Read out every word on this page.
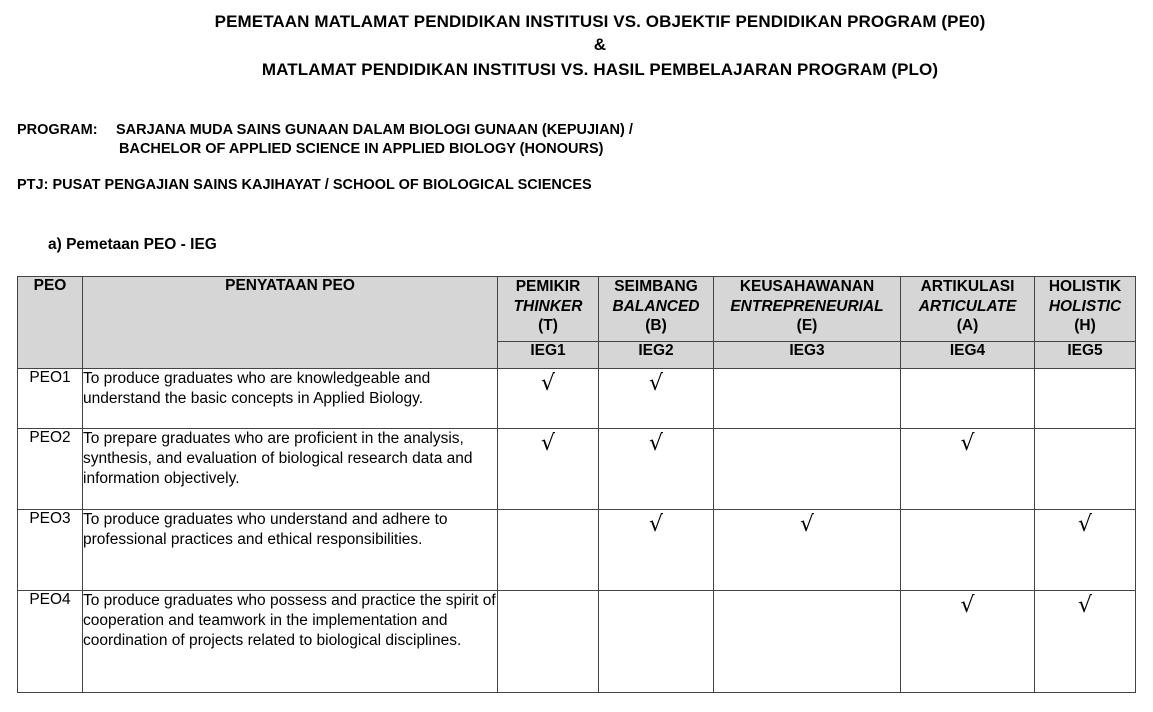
PEMETAAN MATLAMAT PENDIDIKAN INSTITUSI VS. OBJEKTIF PENDIDIKAN PROGRAM (PE0)
&
MATLAMAT PENDIDIKAN INSTITUSI VS. HASIL PEMBELAJARAN PROGRAM (PLO)
PROGRAM: SARJANA MUDA SAINS GUNAAN DALAM BIOLOGI GUNAAN (KEPUJIAN) /
BACHELOR OF APPLIED SCIENCE IN APPLIED BIOLOGY (HONOURS)
PTJ: PUSAT PENGAJIAN SAINS KAJIHAYAT / SCHOOL OF BIOLOGICAL SCIENCES
a) Pemetaan PEO - IEG
PEO	PENYATAAN PEO	PEMIKIR
THINKER
(T)	SEIMBANG
BALANCED
(B)	KEUSAHAWANAN
ENTREPRENEURIAL
(E)	ARTIKULASI
ARTICULATE
(A)	HOLISTIK
HOLISTIC
(H)
		IEG1	IEG2	IEG3	IEG4	IEG5
PEO1	To produce graduates who are knowledgeable and understand the basic concepts in Applied Biology.	√	√			
PEO2	To prepare graduates who are proficient in the analysis, synthesis, and evaluation of biological research data and information objectively.	√	√		√	
PEO3	To produce graduates who understand and adhere to professional practices and ethical responsibilities.		√	√		√
PEO4	To produce graduates who possess and practice the spirit of cooperation and teamwork in the implementation and coordination of projects related to biological disciplines.				√	√
